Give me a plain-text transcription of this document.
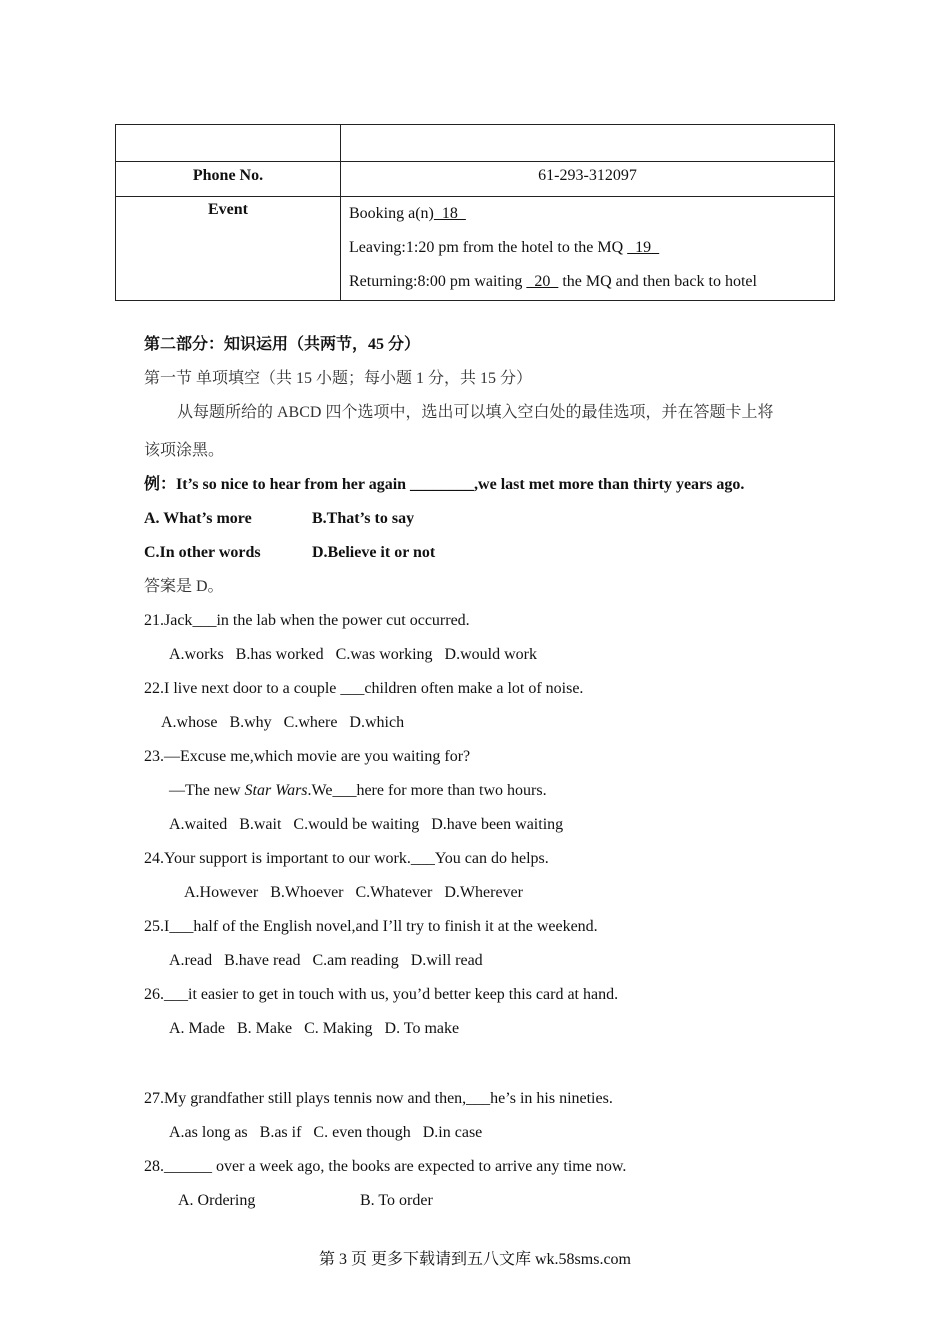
Phone No.	61-293-312097
Event	Booking a(n)  18
Leaving:1:20 pm from the hotel to the MQ   19
Returning:8:00 pm waiting   20   the MQ and then back to hotel
第二部分：知识运用（共两节，45 分）
第一节 单项填空（共 15 小题；每小题 1 分，共 15 分）
从每题所给的 ABCD 四个选项中，选出可以填入空白处的最佳选项，并在答题卡上将
该项涂黑。
例：It’s so nice to hear from her again ________,we last met more than thirty years ago.
A. What’s more	B.That’s to say
C.In other words	D.Believe it or not
答案是 D。
21.Jack___in the lab when the power cut occurred.
A.works   B.has worked   C.was working   D.would work
22.I live next door to a couple ___children often make a lot of noise.
A.whose   B.why   C.where   D.which
23.—Excuse me,which movie are you waiting for?
—The new Star Wars.We___here for more than two hours.
A.waited   B.wait   C.would be waiting   D.have been waiting
24.Your support is important to our work.___You can do helps.
A.However   B.Whoever   C.Whatever   D.Wherever
25.I___half of the English novel,and I’ll try to finish it at the weekend.
A.read   B.have read   C.am reading   D.will read
26.___it easier to get in touch with us, you’d better keep this card at hand.
A. Made   B. Make   C. Making   D. To make
27.My grandfather still plays tennis now and then,___he’s in his nineties.
A.as long as   B.as if   C. even though   D.in case
28.______ over a week ago, the books are expected to arrive any time now.
A. Ordering	B. To order
第 3 页 更多下载请到五八文库 wk.58sms.com
